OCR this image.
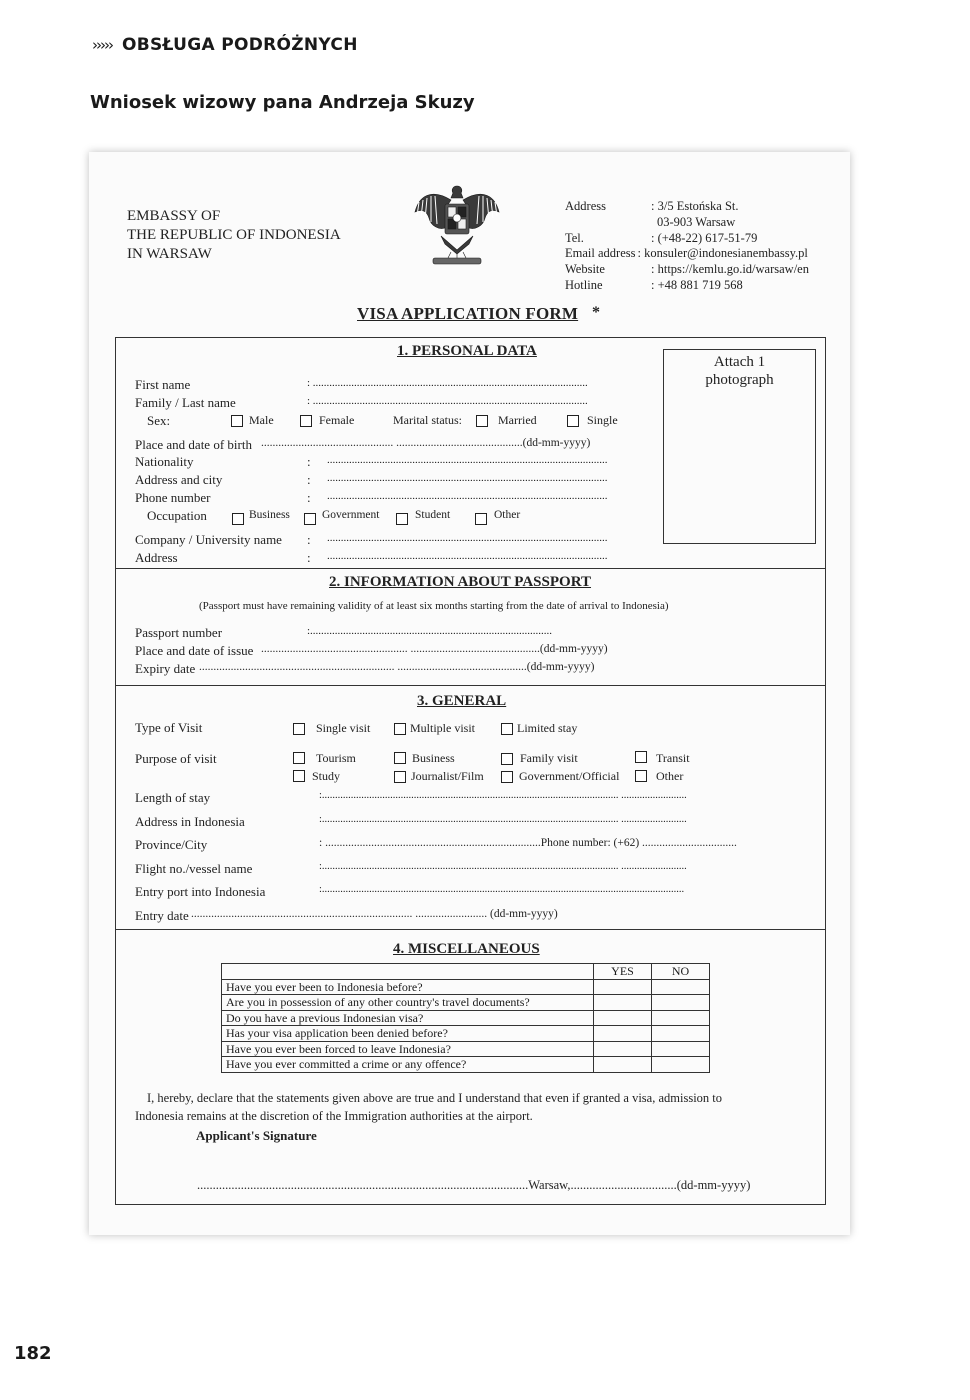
››››› OBSŁUGA PODRÓŻNYCH
Wniosek wizowy pana Andrzeja Skuzy
182
EMBASSY OF
THE REPUBLIC OF INDONESIA
IN WARSAW
Address	: 3/5 Estońska St.
03-903 Warsaw
Tel.	: (+48-22) 617-51-79
Email address : konsuler@indonesianembassy.pl
Website	: https://kemlu.go.id/warsaw/en
Hotline	: +48 881 719 568
VISA APPLICATION FORM *
1. PERSONAL DATA
Attach 1
photograph
First name	: ....................................................................................................
Family / Last name	: ....................................................................................................
Sex:	Male	Female	Marital status:	Married	Single
Place and date of birth .............................................. ............................................(dd-mm-yyyy)
Nationality	: ......................................................................................................
Address and city	: ......................................................................................................
Phone number	: ......................................................................................................
Occupation	Business	Government	Student	Other
Company / University name : ......................................................................................................
Address	: ......................................................................................................
2. INFORMATION ABOUT PASSPORT
(Passport must have remaining validity of at least six months starting from the date of arrival to Indonesia)
Passport number	:........................................................................................
Place and date of issue ................................................... .............................................(dd-mm-yyyy)
Expiry date .................................................................... .............................................(dd-mm-yyyy)
3. GENERAL
Type of Visit	Single visit	Multiple visit	Limited stay
Purpose of visit	Tourism	Business	Family visit	Transit
Study	Journalist/Film	Government/Official	Other
Length of stay	:................................................................................................................. .........................
Address in Indonesia	:................................................................................................................. .........................
Province/City	: ...........................................................................Phone number: (+62) .................................
Flight no./vessel name	:................................................................................................................. .........................
Entry port into Indonesia	:..........................................................................................................................................
Entry date ............................................................................. ......................... (dd-mm-yyyy)
4. MISCELLANEOUS
	YES	NO
Have you ever been to Indonesia before?		
Are you in possession of any other country's travel documents?		
Do you have a previous Indonesian visa?		
Has your visa application been denied before?		
Have you ever been forced to leave Indonesia?		
Have you ever committed a crime or any offence?		
I, hereby, declare that the statements given above are true and I understand that even if granted a visa, admission to
Indonesia remains at the discretion of the Immigration authorities at the airport.
Applicant's Signature
..........................................................................................................Warsaw,..................................(dd-mm-yyyy)
